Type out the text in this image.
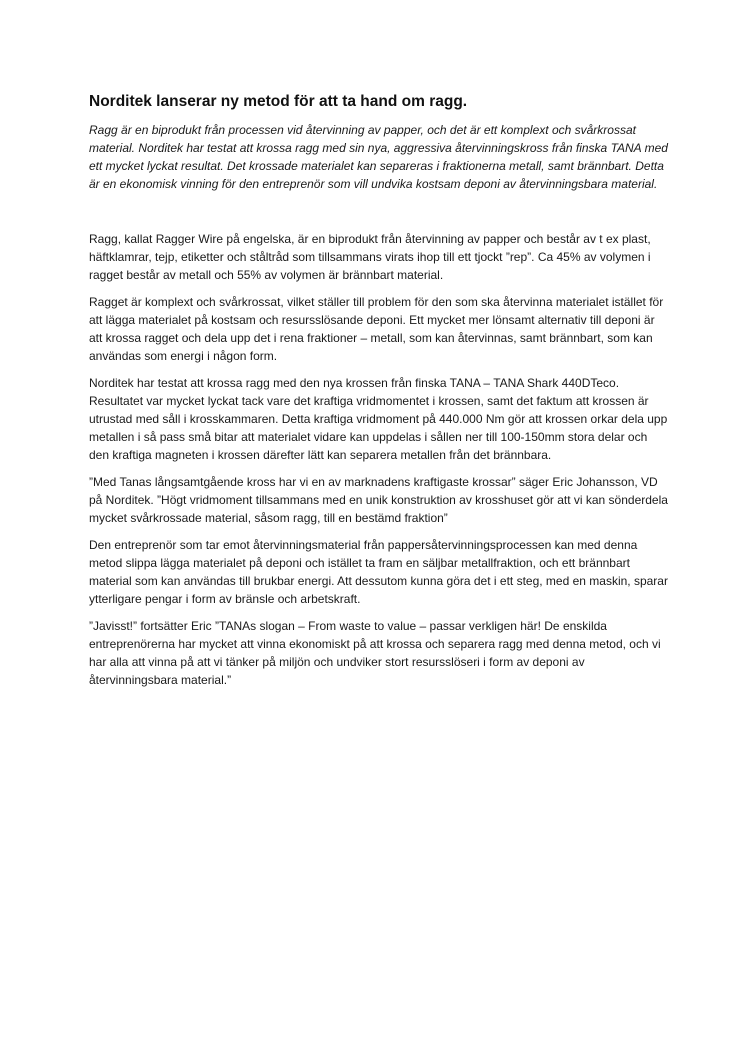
Norditek lanserar ny metod för att ta hand om ragg.

Ragg är en biprodukt från processen vid återvinning av papper, och det är ett komplext och svårkrossat material. Norditek har testat att krossa ragg med sin nya, aggressiva återvinningskross från finska TANA med ett mycket lyckat resultat. Det krossade materialet kan separeras i fraktionerna metall, samt brännbart. Detta är en ekonomisk vinning för den entreprenör som vill undvika kostsam deponi av återvinningsbara material.

Ragg, kallat Ragger Wire på engelska, är en biprodukt från återvinning av papper och består av t ex plast, häftklamrar, tejp, etiketter och ståltråd som tillsammans virats ihop till ett tjockt ”rep”. Ca 45% av volymen i ragget består av metall och 55% av volymen är brännbart material.

Ragget är komplext och svårkrossat, vilket ställer till problem för den som ska återvinna materialet istället för att lägga materialet på kostsam och resursslösande deponi. Ett mycket mer lönsamt alternativ till deponi är att krossa ragget och dela upp det i rena fraktioner – metall, som kan återvinnas, samt brännbart, som kan användas som energi i någon form.

Norditek har testat att krossa ragg med den nya krossen från finska TANA – TANA Shark 440DTeco. Resultatet var mycket lyckat tack vare det kraftiga vridmomentet i krossen, samt det faktum att krossen är utrustad med såll i krosskammaren. Detta kraftiga vridmoment på 440.000 Nm gör att krossen orkar dela upp metallen i så pass små bitar att materialet vidare kan uppdelas i sållen ner till 100-150mm stora delar och den kraftiga magneten i krossen därefter lätt kan separera metallen från det brännbara.

”Med Tanas långsamtgående kross har vi en av marknadens kraftigaste krossar” säger Eric Johansson, VD på Norditek. ”Högt vridmoment tillsammans med en unik konstruktion av krosshuset gör att vi kan sönderdela mycket svårkrossade material, såsom ragg, till en bestämd fraktion”

Den entreprenör som tar emot återvinningsmaterial från pappersåtervinningsprocessen kan med denna metod slippa lägga materialet på deponi och istället ta fram en säljbar metallfraktion, och ett brännbart material som kan användas till brukbar energi. Att dessutom kunna göra det i ett steg, med en maskin, sparar ytterligare pengar i form av bränsle och arbetskraft.

”Javisst!” fortsätter Eric ”TANAs slogan – From waste to value – passar verkligen här! De enskilda entreprenörerna har mycket att vinna ekonomiskt på att krossa och separera ragg med denna metod, och vi har alla att vinna på att vi tänker på miljön och undviker stort resursslöseri i form av deponi av återvinningsbara material.”
